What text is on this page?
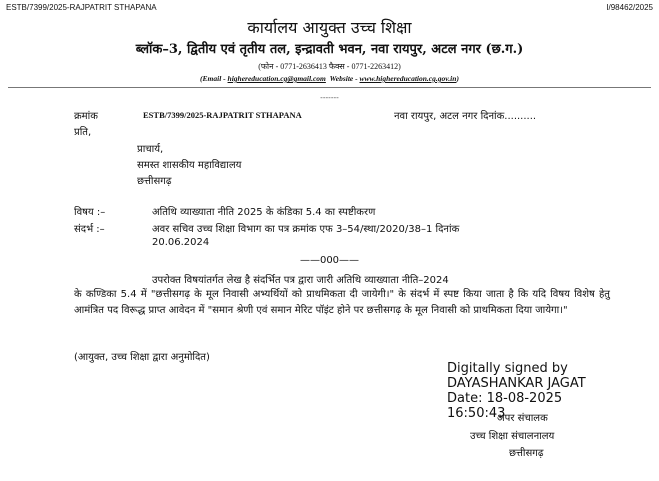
ESTB/7399/2025-RAJPATRIT STHAPANA	I/98462/2025
कार्यालय आयुक्त उच्च शिक्षा
ब्लॉक–3, द्वितीय एवं तृतीय तल, इन्द्रावती भवन, नवा रायपुर, अटल नगर (छ.ग.)
(फोन - 0771-2636413 फैक्स - 0771-2263412)
(Email - highereducation.cg@gmail.com Website - www.highereducation.cg.gov.in)
-------
क्रमांक	ESTB/7399/2025-RAJPATRIT STHAPANA	नवा रायपुर, अटल नगर दिनांक..........
प्रति,
प्राचार्य,
समस्त शासकीय महाविद्यालय
छत्तीसगढ़
विषय :–	अतिथि व्याख्याता नीति 2025 के कंडिका 5.4 का स्पष्टीकरण
संदर्भ :–	अवर सचिव उच्च शिक्षा विभाग का पत्र क्रमांक एफ 3–54/स्था/2020/38–1 दिनांक
20.06.2024
——000——
उपरोक्त विषयांतर्गत लेख है संदर्भित पत्र द्वारा जारी अतिथि व्याख्याता नीति–2024
के कण्डिका 5.4 में "छत्तीसगढ़ के मूल निवासी अभ्यर्थियों को प्राथमिकता दी जायेगी।" के संदर्भ में स्पष्ट किया जाता है कि यदि विषय विशेष हेतु आमंत्रित पद विरूद्ध प्राप्त आवेदन में "समान श्रेणी एवं समान मेरिट पॉइंट होने पर छत्तीसगढ़ के मूल निवासी को प्राथमिकता दिया जायेगा।"
(आयुक्त, उच्च शिक्षा द्वारा अनुमोदित)
Digitally signed by
DAYASHANKAR JAGAT
Date: 18-08-2025
16:50:43
अपर संचालक
उच्च शिक्षा संचालनालय
छत्तीसगढ़
